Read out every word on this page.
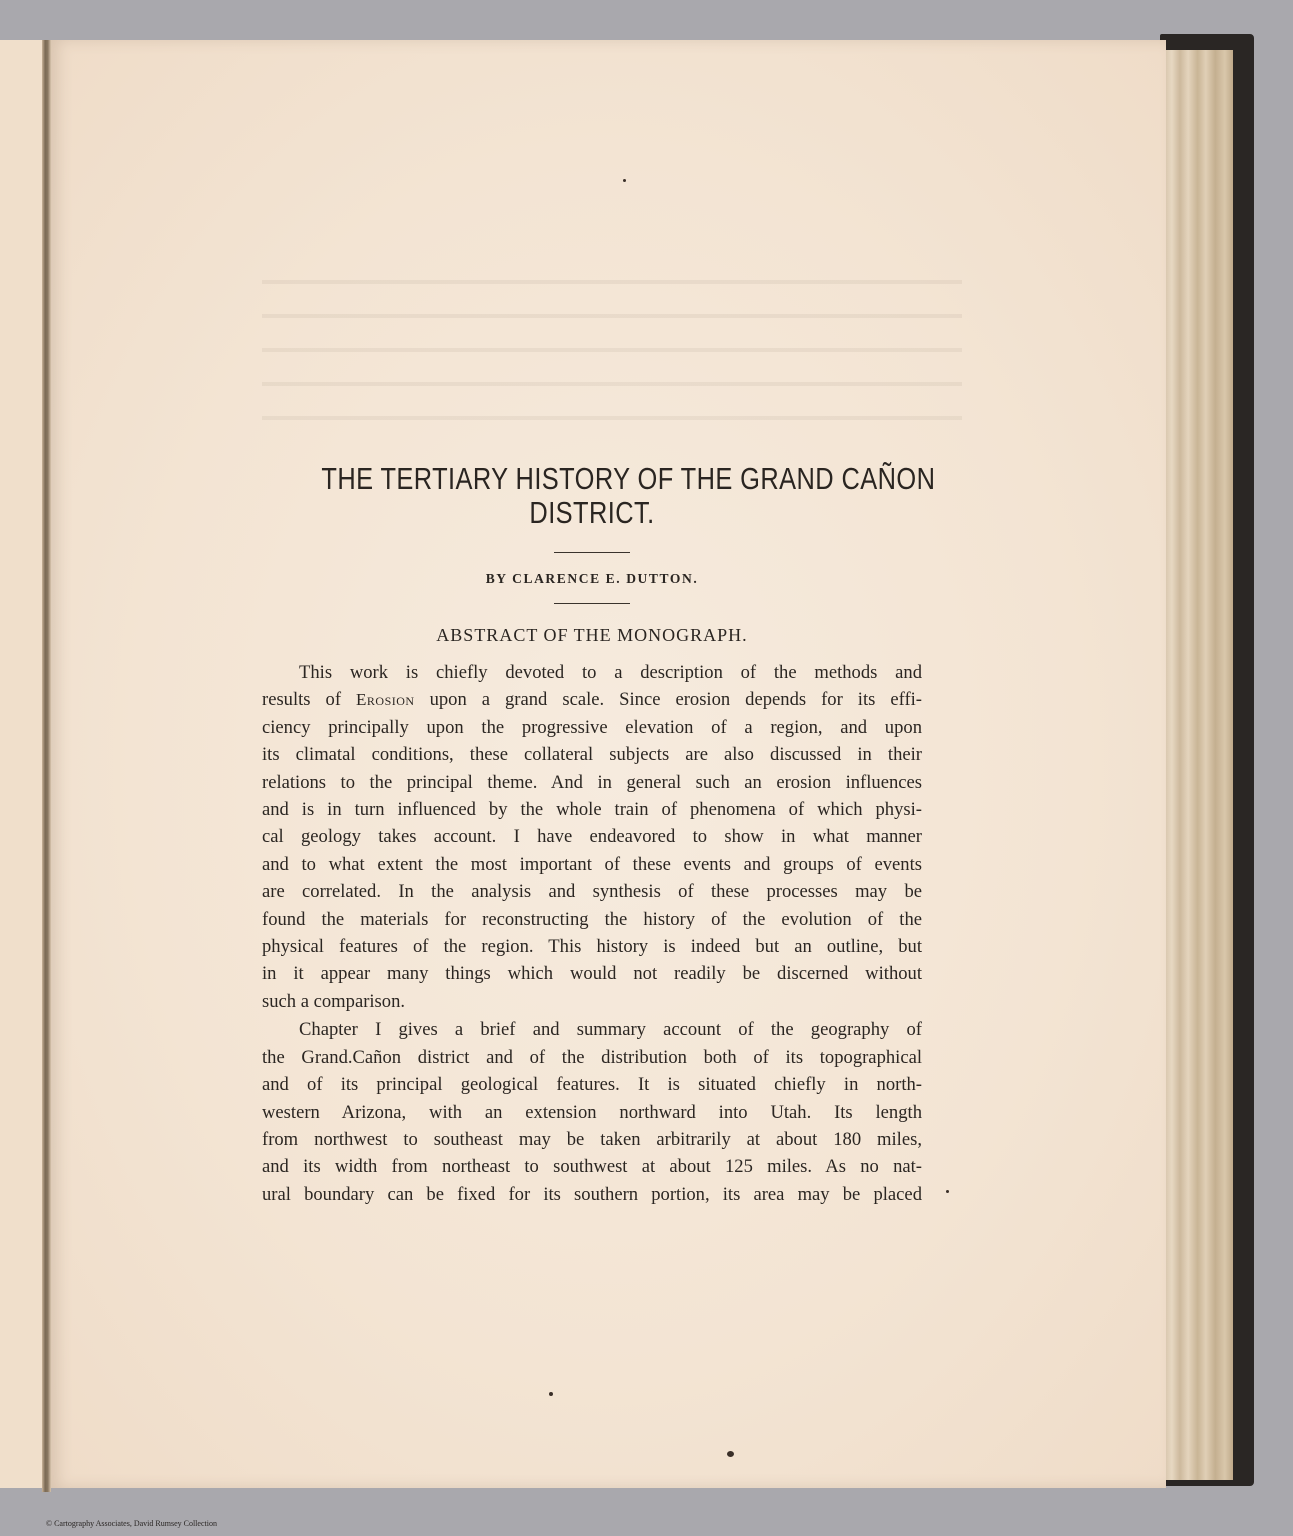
THE TERTIARY HISTORY OF THE GRAND CAÑON
DISTRICT.
BY CLARENCE E. DUTTON.
ABSTRACT OF THE MONOGRAPH.

This work is chiefly devoted to a description of the methods and
results of Erosion upon a grand scale. Since erosion depends for its effi-
ciency principally upon the progressive elevation of a region, and upon
its climatal conditions, these collateral subjects are also discussed in their
relations to the principal theme. And in general such an erosion influences
and is in turn influenced by the whole train of phenomena of which physi-
cal geology takes account. I have endeavored to show in what manner
and to what extent the most important of these events and groups of events
are correlated. In the analysis and synthesis of these processes may be
found the materials for reconstructing the history of the evolution of the
physical features of the region. This history is indeed but an outline, but
in it appear many things which would not readily be discerned without
such a comparison.

Chapter I gives a brief and summary account of the geography of
the Grand.Cañon district and of the distribution both of its topographical
and of its principal geological features. It is situated chiefly in north-
western Arizona, with an extension northward into Utah. Its length
from northwest to southeast may be taken arbitrarily at about 180 miles,
and its width from northeast to southwest at about 125 miles. As no nat-
ural boundary can be fixed for its southern portion, its area may be placed

© Cartography Associates, David Rumsey Collection
